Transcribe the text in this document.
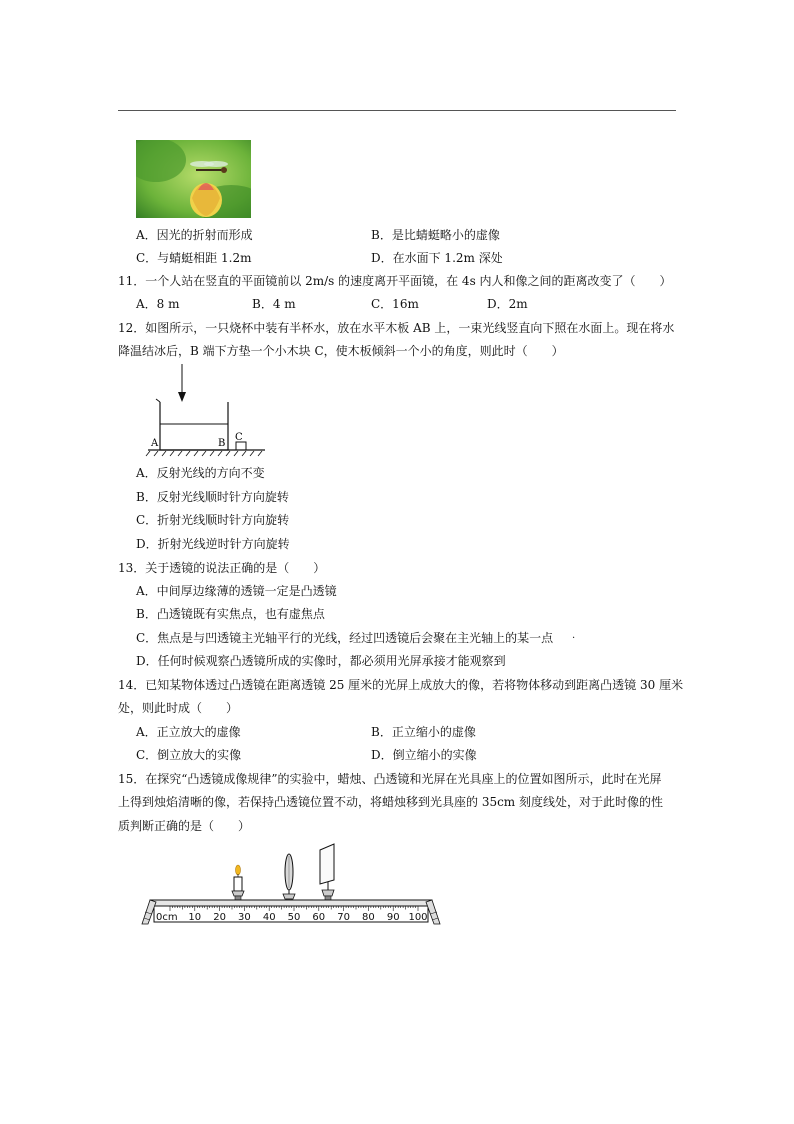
A．因光的折射而形成	B．是比蜻蜓略小的虚像
C．与蜻蜓相距 1.2m	D．在水面下 1.2m 深处
11．一个人站在竖直的平面镜前以 2m/s 的速度离开平面镜，在 4s 内人和像之间的距离改变了（　　）
A．8 m	B．4 m	C．16m	D．2m
12．如图所示，一只烧杯中装有半杯水，放在水平木板 AB 上，一束光线竖直向下照在水面上。现在将水
降温结冰后，B 端下方垫一个小木块 C，使木板倾斜一个小的角度，则此时（　　）
A	B
C
A．反射光线的方向不变
B．反射光线顺时针方向旋转
C．折射光线顺时针方向旋转
D．折射光线逆时针方向旋转
13．关于透镜的说法正确的是（　　）
A．中间厚边缘薄的透镜一定是凸透镜
B．凸透镜既有实焦点，也有虚焦点
C．焦点是与凹透镜主光轴平行的光线，经过凹透镜后会聚在主光轴上的某一点 .
D．任何时候观察凸透镜所成的实像时，都必须用光屏承接才能观察到
14．已知某物体透过凸透镜在距离透镜 25 厘米的光屏上成放大的像，若将物体移动到距离凸透镜 30 厘米
处，则此时成（　　）
A．正立放大的虚像	B．正立缩小的虚像
C．倒立放大的实像	D．倒立缩小的实像
15．在探究“凸透镜成像规律”的实验中，蜡烛、凸透镜和光屏在光具座上的位置如图所示，此时在光屏
上得到烛焰清晰的像，若保持凸透镜位置不动，将蜡烛移到光具座的 35cm 刻度线处，对于此时像的性
质判断正确的是（　　）
0cm 10 20 30 40 50 60 70 80 90 100
